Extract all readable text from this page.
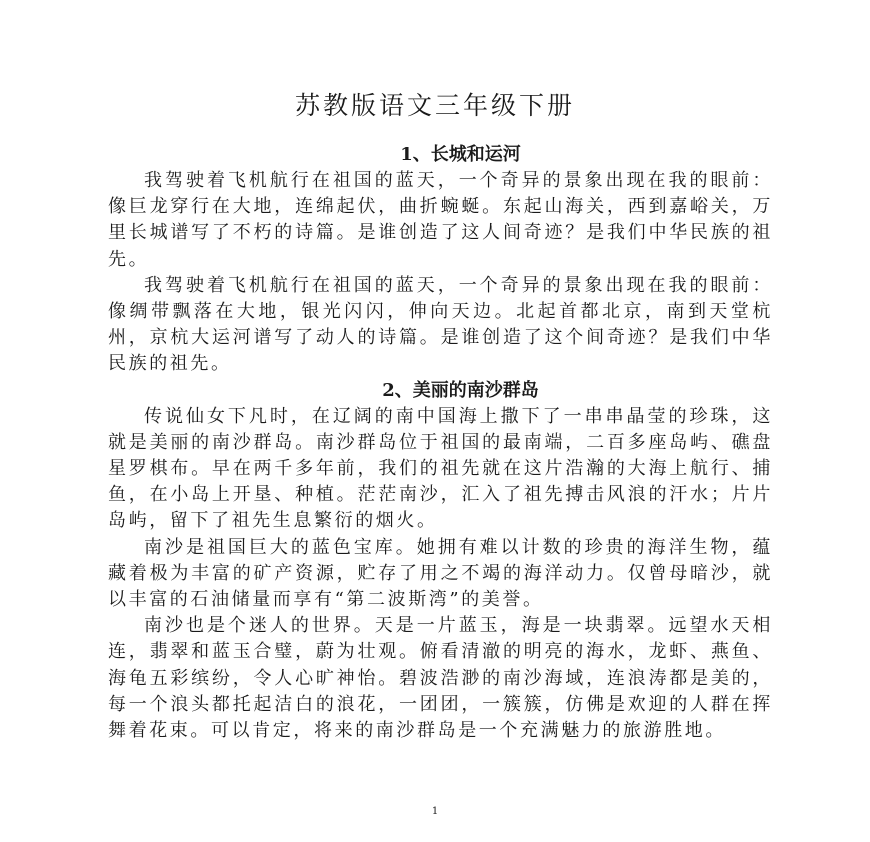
苏教版语文三年级下册
1、长城和运河

我驾驶着飞机航行在祖国的蓝天，一个奇异的景象出现在我的眼前：像巨龙穿行在大地，连绵起伏，曲折蜿蜒。东起山海关，西到嘉峪关，万里长城谱写了不朽的诗篇。是谁创造了这人间奇迹？是我们中华民族的祖先。

我驾驶着飞机航行在祖国的蓝天，一个奇异的景象出现在我的眼前：像绸带飘落在大地，银光闪闪，伸向天边。北起首都北京，南到天堂杭州，京杭大运河谱写了动人的诗篇。是谁创造了这个间奇迹？是我们中华民族的祖先。

2、美丽的南沙群岛

传说仙女下凡时，在辽阔的南中国海上撒下了一串串晶莹的珍珠，这就是美丽的南沙群岛。南沙群岛位于祖国的最南端，二百多座岛屿、礁盘星罗棋布。早在两千多年前，我们的祖先就在这片浩瀚的大海上航行、捕鱼，在小岛上开垦、种植。茫茫南沙，汇入了祖先搏击风浪的汗水；片片岛屿，留下了祖先生息繁衍的烟火。

南沙是祖国巨大的蓝色宝库。她拥有难以计数的珍贵的海洋生物，蕴藏着极为丰富的矿产资源，贮存了用之不竭的海洋动力。仅曾母暗沙，就以丰富的石油储量而享有“第二波斯湾”的美誉。

南沙也是个迷人的世界。天是一片蓝玉，海是一块翡翠。远望水天相连，翡翠和蓝玉合璧，蔚为壮观。俯看清澈的明亮的海水，龙虾、燕鱼、海龟五彩缤纷，令人心旷神怡。碧波浩渺的南沙海域，连浪涛都是美的，每一个浪头都托起洁白的浪花，一团团，一簇簇，仿佛是欢迎的人群在挥舞着花束。可以肯定，将来的南沙群岛是一个充满魅力的旅游胜地。

1
